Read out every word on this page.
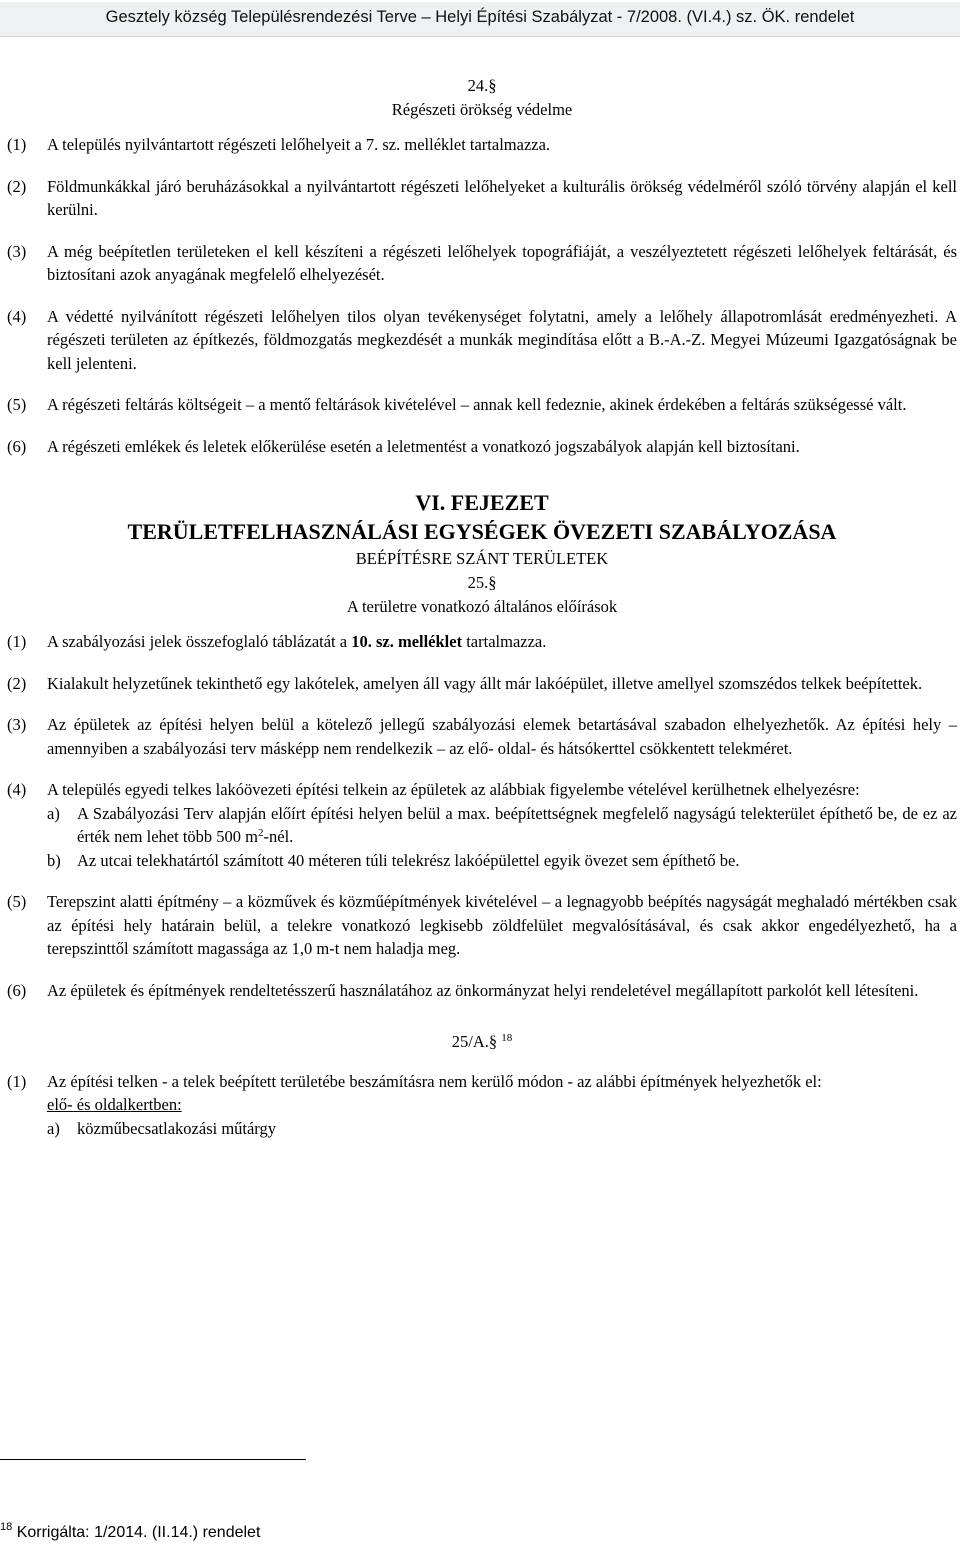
Gesztely község Településrendezési Terve – Helyi Építési Szabályzat - 7/2008. (VI.4.) sz. ÖK. rendelet
24.§
Régészeti örökség védelme
(1)	A település nyilvántartott régészeti lelőhelyeit a 7. sz. melléklet tartalmazza.
(2)	Földmunkákkal járó beruházásokkal a nyilvántartott régészeti lelőhelyeket a kulturális örökség védelméről szóló törvény alapján el kell kerülni.
(3)	A még beépítetlen területeken el kell készíteni a régészeti lelőhelyek topográfiáját, a veszélyeztetett régészeti lelőhelyek feltárását, és biztosítani azok anyagának megfelelő elhelyezését.
(4)	A védetté nyilvánított régészeti lelőhelyen tilos olyan tevékenységet folytatni, amely a lelőhely állapotromlását eredményezheti. A régészeti területen az építkezés, földmozgatás megkezdését a munkák megindítása előtt a B.-A.-Z. Megyei Múzeumi Igazgatóságnak be kell jelenteni.
(5)	A régészeti feltárás költségeit – a mentő feltárások kivételével – annak kell fedeznie, akinek érdekében a feltárás szükségessé vált.
(6)	A régészeti emlékek és leletek előkerülése esetén a leletmentést a vonatkozó jogszabályok alapján kell biztosítani.
VI. FEJEZET
TERÜLETFELHASZNÁLÁSI EGYSÉGEK ÖVEZETI SZABÁLYOZÁSA
BEÉPÍTÉSRE SZÁNT TERÜLETEK
25.§
A területre vonatkozó általános előírások
(1)	A szabályozási jelek összefoglaló táblázatát a 10. sz. melléklet tartalmazza.
(2)	Kialakult helyzetűnek tekinthető egy lakótelek, amelyen áll vagy állt már lakóépület, illetve amellyel szomszédos telkek beépítettek.
(3)	Az épületek az építési helyen belül a kötelező jellegű szabályozási elemek betartásával szabadon elhelyezhetők. Az építési hely – amennyiben a szabályozási terv másképp nem rendelkezik – az elő- oldal- és hátsókerttel csökkentett telekméret.
(4)	A település egyedi telkes lakóövezeti építési telkein az épületek az alábbiak figyelembe vételével kerülhetnek elhelyezésre:
a)	A Szabályozási Terv alapján előírt építési helyen belül a max. beépítettségnek megfelelő nagyságú telekterület építhető be, de ez az érték nem lehet több 500 $m^2$-nél.
b) Az utcai telekhatártól számított 40 méteren túli telekrész lakóépülettel egyik övezet sem építhető be.
(5)	Terepszint alatti építmény – a közművek és közműépítmények kivételével – a legnagyobb beépítés nagyságát meghaladó mértékben csak az építési hely határain belül, a telekre vonatkozó legkisebb zöldfelület megvalósításával, és csak akkor engedélyezhető, ha a terepszinttől számított magassága az 1,0 m-t nem haladja meg.
(6)	Az épületek és építmények rendeltetésszerű használatához az önkormányzat helyi rendeletével megállapított parkolót kell létesíteni.
25/A.§ $^{18}$
(1)	Az építési telken - a telek beépített területébe beszámításra nem kerülő módon - az alábbi építmények helyezhetők el:
elő- és oldalkertben:
a)	közműbecsatlakozási műtárgy
$^{18}$ Korrigálta: 1/2014. (II.14.) rendelet
